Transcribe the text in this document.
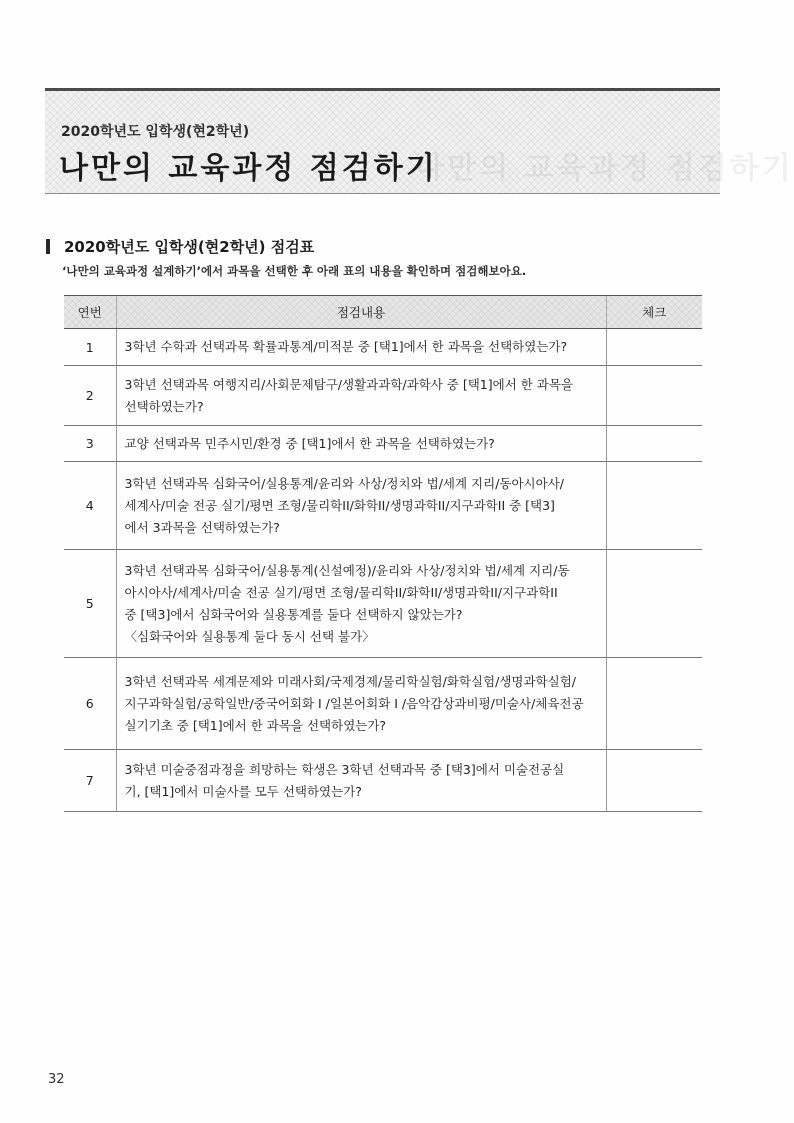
나만의 교육과정 점검하기
2020학년도 입학생(현2학년)
나만의 교육과정 점검하기
2020학년도 입학생(현2학년) 점검표
‘나만의 교육과정 설계하기’에서 과목을 선택한 후 아래 표의 내용을 확인하며 점검해보아요.
연번	점검내용	체크
1	3학년 수학과 선택과목 확률과통계/미적분 중 [택1]에서 한 과목을 선택하였는가?	

2	3학년 선택과목 여행지리/사회문제탐구/생활과과학/과학사 중 [택1]에서 한 과목을
선택하였는가?	

3	교양 선택과목 민주시민/환경 중 [택1]에서 한 과목을 선택하였는가?	

4	3학년 선택과목 심화국어/실용통계/윤리와 사상/정치와 법/세계 지리/동아시아사/
세계사/미술 전공 실기/평면 조형/물리학II/화학II/생명과학II/지구과학II 중 [택3]
에서 3과목을 선택하였는가?	

5	3학년 선택과목 심화국어/실용통계(신설예정)/윤리와 사상/정치와 법/세계 지리/동
아시아사/세계사/미술 전공 실기/평면 조형/물리학II/화학II/생명과학II/지구과학II
중 [택3]에서 심화국어와 실용통계를 둘다 선택하지 않았는가?
〈심화국어와 실용통계 둘다 동시 선택 불가〉	

6	3학년 선택과목 세계문제와 미래사회/국제경제/물리학실험/화학실험/생명과학실험/
지구과학실험/공학일반/중국어회화 I /일본어회화 I /음악감상과비평/미술사/체육전공
실기기초 중 [택1]에서 한 과목을 선택하였는가?	

7	3학년 미술중점과정을 희망하는 학생은 3학년 선택과목 중 [택3]에서 미술전공실
기, [택1]에서 미술사를 모두 선택하였는가?	

32
